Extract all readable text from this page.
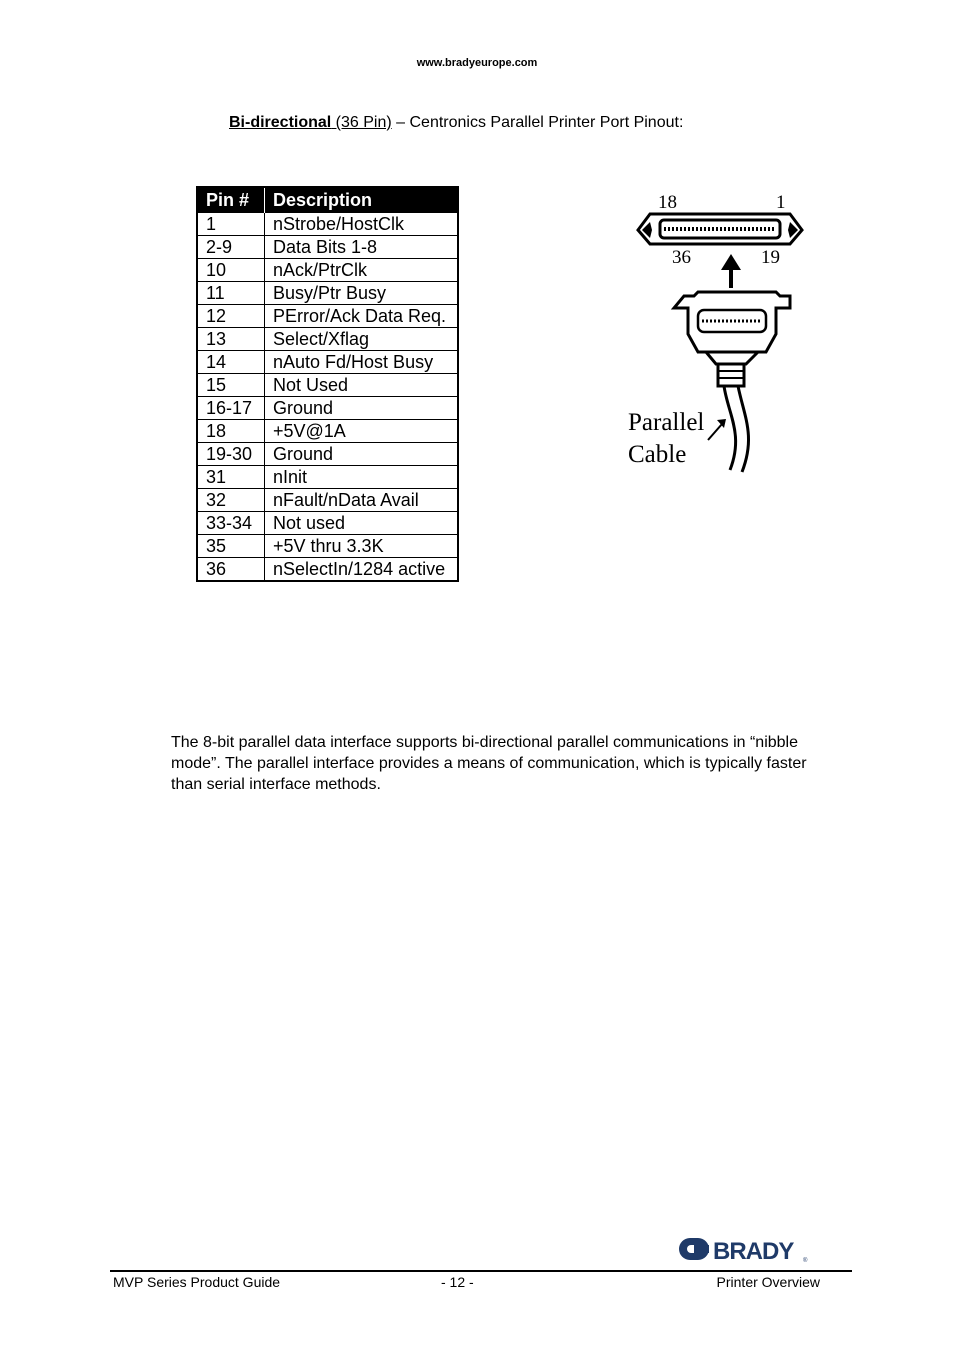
www.bradyeurope.com
Bi-directional (36 Pin) – Centronics Parallel Printer Port Pinout:
Pin #	Description
1	nStrobe/HostClk
2-9	Data Bits 1-8
10	nAck/PtrClk
11	Busy/Ptr Busy
12	PError/Ack Data Req.
13	Select/Xflag
14	nAuto Fd/Host Busy
15	Not Used
16-17	Ground
18	+5V@1A
19-30	Ground
31	nInit
32	nFault/nData Avail
33-34	Not used
35	+5V thru 3.3K
36	nSelectIn/1284 active
18	1
36	19
Parallel
Cable
The 8-bit parallel data interface supports bi-directional parallel communications in “nibble mode”. The parallel interface provides a means of communication, which is typically faster than serial interface methods.
BRADY ®
MVP Series Product Guide	- 12 -	Printer Overview
